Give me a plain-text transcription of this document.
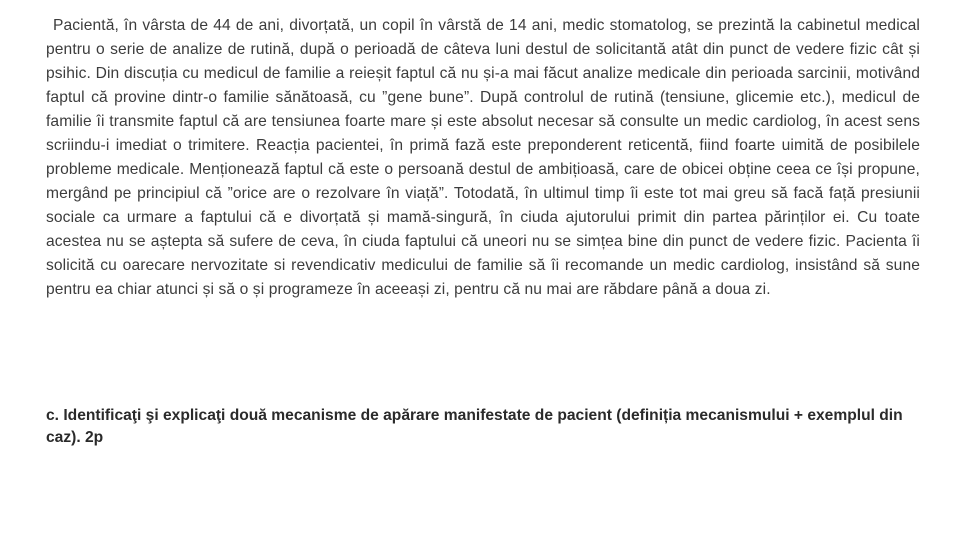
Pacientă, în vârsta de 44 de ani, divorțată, un copil în vârstă de 14 ani, medic stomatolog, se prezintă la cabinetul medical pentru o serie de analize de rutină, după o perioadă de câteva luni destul de solicitantă atât din punct de vedere fizic cât și psihic. Din discuția cu medicul de familie a reieșit faptul că nu și-a mai făcut analize medicale din perioada sarcinii, motivând faptul că provine dintr-o familie sănătoasă, cu ”gene bune”. După controlul de rutină (tensiune, glicemie etc.), medicul de familie îi transmite faptul că are tensiunea foarte mare și este absolut necesar să consulte un medic cardiolog, în acest sens scriindu-i imediat o trimitere. Reacția pacientei, în primă fază este preponderent reticentă, fiind foarte uimită de posibilele probleme medicale. Menționează faptul că este o persoană destul de ambițioasă, care de obicei obține ceea ce își propune, mergând pe principiul că ”orice are o rezolvare în viață”. Totodată, în ultimul timp îi este tot mai greu să facă față presiunii sociale ca urmare a faptului că e divorțată și mamă-singură, în ciuda ajutorului primit din partea părinților ei. Cu toate acestea nu se aștepta să sufere de ceva, în ciuda faptului că uneori nu se simțea bine din punct de vedere fizic. Pacienta îi solicită cu oarecare nervozitate si revendicativ medicului de familie să îi recomande un medic cardiolog, insistând să sune pentru ea chiar atunci și să o și programeze în aceeași zi, pentru că nu mai are răbdare până a doua zi.

c. Identificaţi şi explicaţi două mecanisme de apărare manifestate de pacient (definiția mecanismului + exemplul din caz). 2p
